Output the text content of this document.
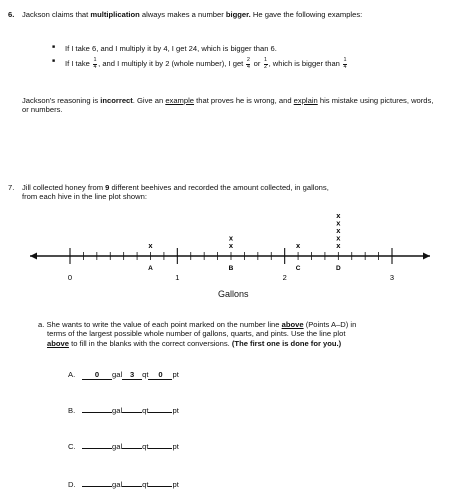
6. Jackson claims that multiplication always makes a number bigger. He gave the following examples:
■ If I take 6, and I multiply it by 4, I get 24, which is bigger than 6.
■ If I take $\frac{1}{4}$ , and I multiply it by 2 (whole number), I get $\frac{2}{4}$ or $\frac{1}{2}$ , which is bigger than $\frac{1}{4}$
Jackson's reasoning is incorrect. Give an example that proves he is wrong, and explain his mistake using pictures, words, or numbers.
7. Jill collected honey from 9 different beehives and recorded the amount collected, in gallons,
from each hive in the line plot shown:
0	1	2	3
A
x
B
x
x
C
x
D
x
x
x
x
x
Gallons
a. She wants to write the value of each point marked on the number line above (Points A–D) in
terms of the largest possible whole number of gallons, quarts, and pints. Use the line plot
above to fill in the blanks with the correct conversions. (The first one is done for you.)
A.	0 gal 3 qt 0 pt
B.	gal	qt	pt
C.	gal	qt	pt
D.	gal	qt	pt
